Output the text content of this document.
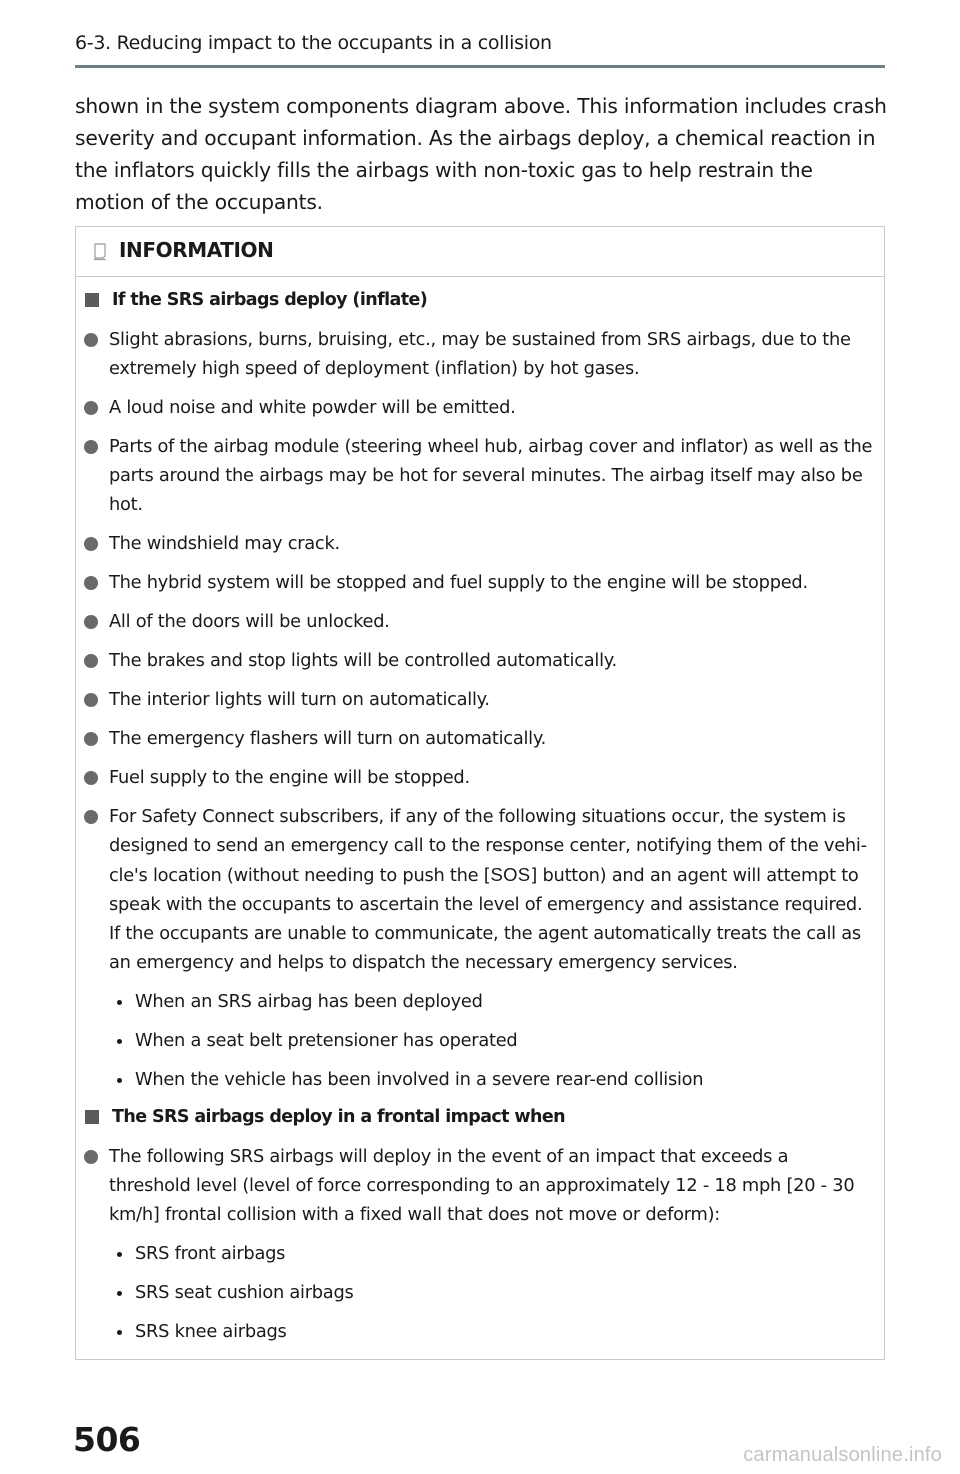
6-3. Reducing impact to the occupants in a collision

shown in the system components diagram above. This information includes crash severity and occupant information. As the airbags deploy, a chemical reaction in the inflators quickly fills the airbags with non-toxic gas to help restrain the motion of the occupants.

INFORMATION
If the SRS airbags deploy (inflate)
Slight abrasions, burns, bruising, etc., may be sustained from SRS airbags, due to the extremely high speed of deployment (inflation) by hot gases.
A loud noise and white powder will be emitted.
Parts of the airbag module (steering wheel hub, airbag cover and inflator) as well as the parts around the airbags may be hot for several minutes. The airbag itself may also be hot.
The windshield may crack.
The hybrid system will be stopped and fuel supply to the engine will be stopped.
All of the doors will be unlocked.
The brakes and stop lights will be controlled automatically.
The interior lights will turn on automatically.
The emergency flashers will turn on automatically.
Fuel supply to the engine will be stopped.
For Safety Connect subscribers, if any of the following situations occur, the system is designed to send an emergency call to the response center, notifying them of the vehi-cle's location (without needing to push the [SOS] button) and an agent will attempt to speak with the occupants to ascertain the level of emergency and assistance required. If the occupants are unable to communicate, the agent automatically treats the call as an emergency and helps to dispatch the necessary emergency services.
When an SRS airbag has been deployed
When a seat belt pretensioner has operated
When the vehicle has been involved in a severe rear-end collision
The SRS airbags deploy in a frontal impact when
The following SRS airbags will deploy in the event of an impact that exceeds a threshold level (level of force corresponding to an approximately 12 - 18 mph [20 - 30 km/h] frontal collision with a fixed wall that does not move or deform):
SRS front airbags
SRS seat cushion airbags
SRS knee airbags
506	carmanualsonline.info
